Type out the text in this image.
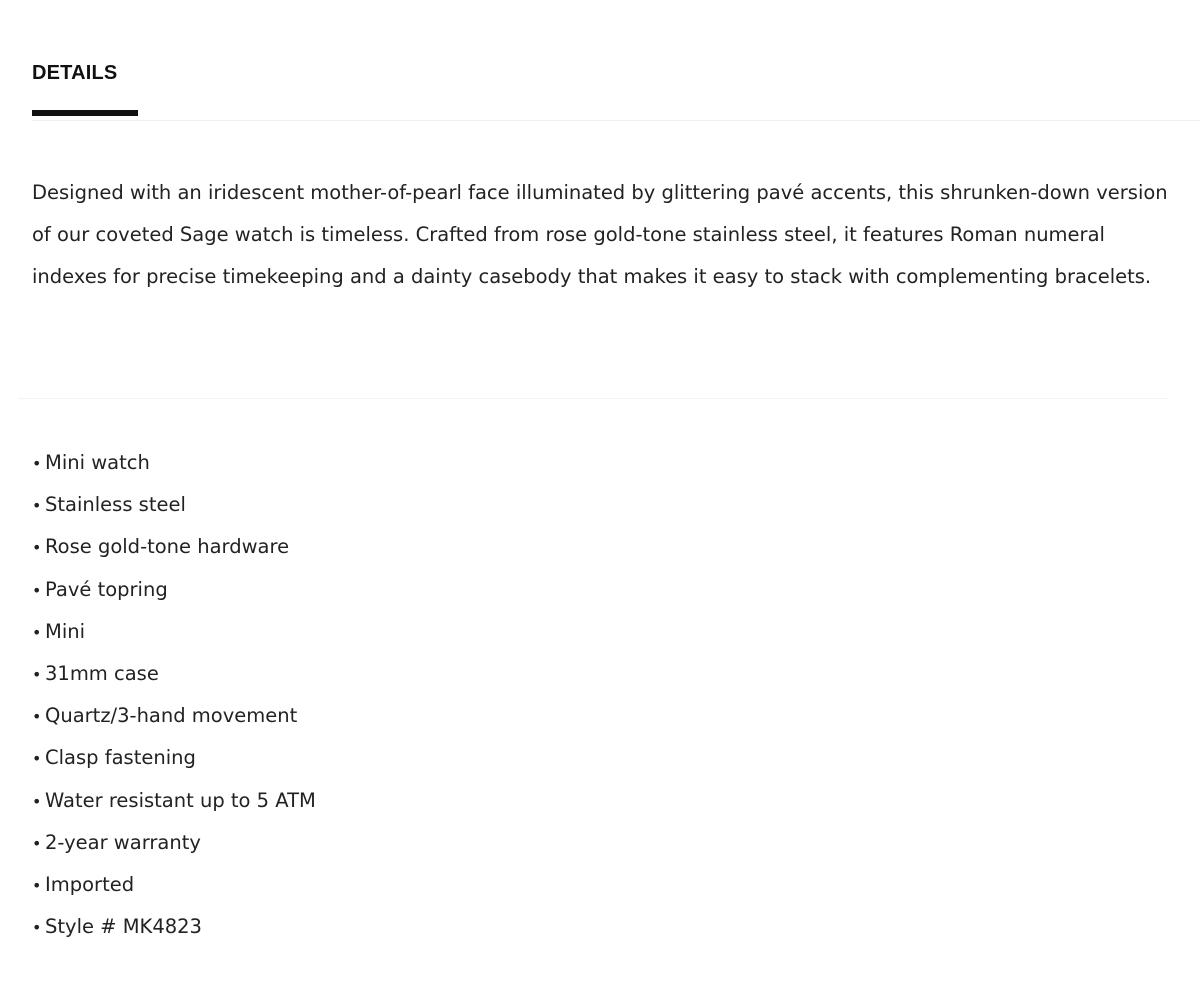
DETAILS

Designed with an iridescent mother-of-pearl face illuminated by glittering pavé accents, this shrunken-down version of our coveted Sage watch is timeless. Crafted from rose gold-tone stainless steel, it features Roman numeral indexes for precise timekeeping and a dainty casebody that makes it easy to stack with complementing bracelets.

• Mini watch
• Stainless steel
• Rose gold-tone hardware
• Pavé topring
• Mini
• 31mm case
• Quartz/3-hand movement
• Clasp fastening
• Water resistant up to 5 ATM
• 2-year warranty
• Imported
• Style # MK4823
